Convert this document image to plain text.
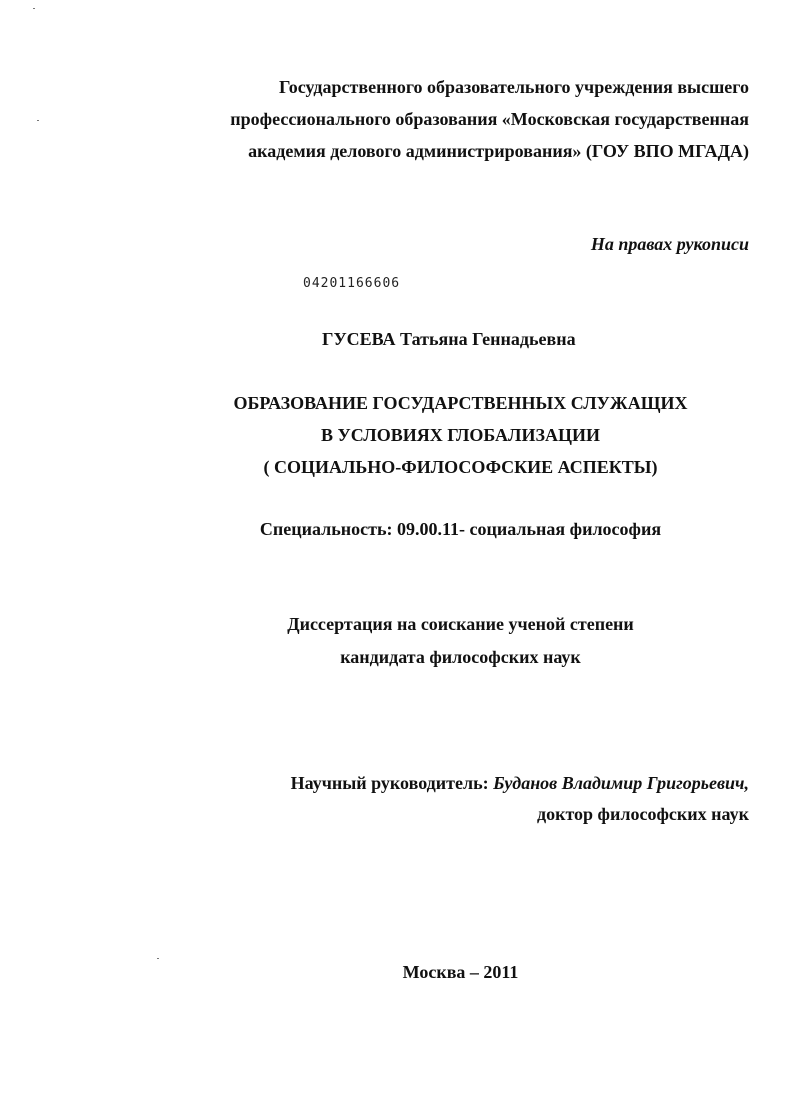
Государственного образовательного учреждения высшего
профессионального образования «Московская государственная
академия делового администрирования» (ГОУ ВПО МГАДА)
На правах рукописи
04201166606
ГУСЕВА Татьяна Геннадьевна
ОБРАЗОВАНИЕ ГОСУДАРСТВЕННЫХ СЛУЖАЩИХ
В УСЛОВИЯХ ГЛОБАЛИЗАЦИИ
( СОЦИАЛЬНО-ФИЛОСОФСКИЕ АСПЕКТЫ)
Специальность: 09.00.11- социальная философия
Диссертация на соискание ученой степени
кандидата философских наук
Научный руководитель: Буданов Владимир Григорьевич,
доктор философских наук
Москва – 2011
